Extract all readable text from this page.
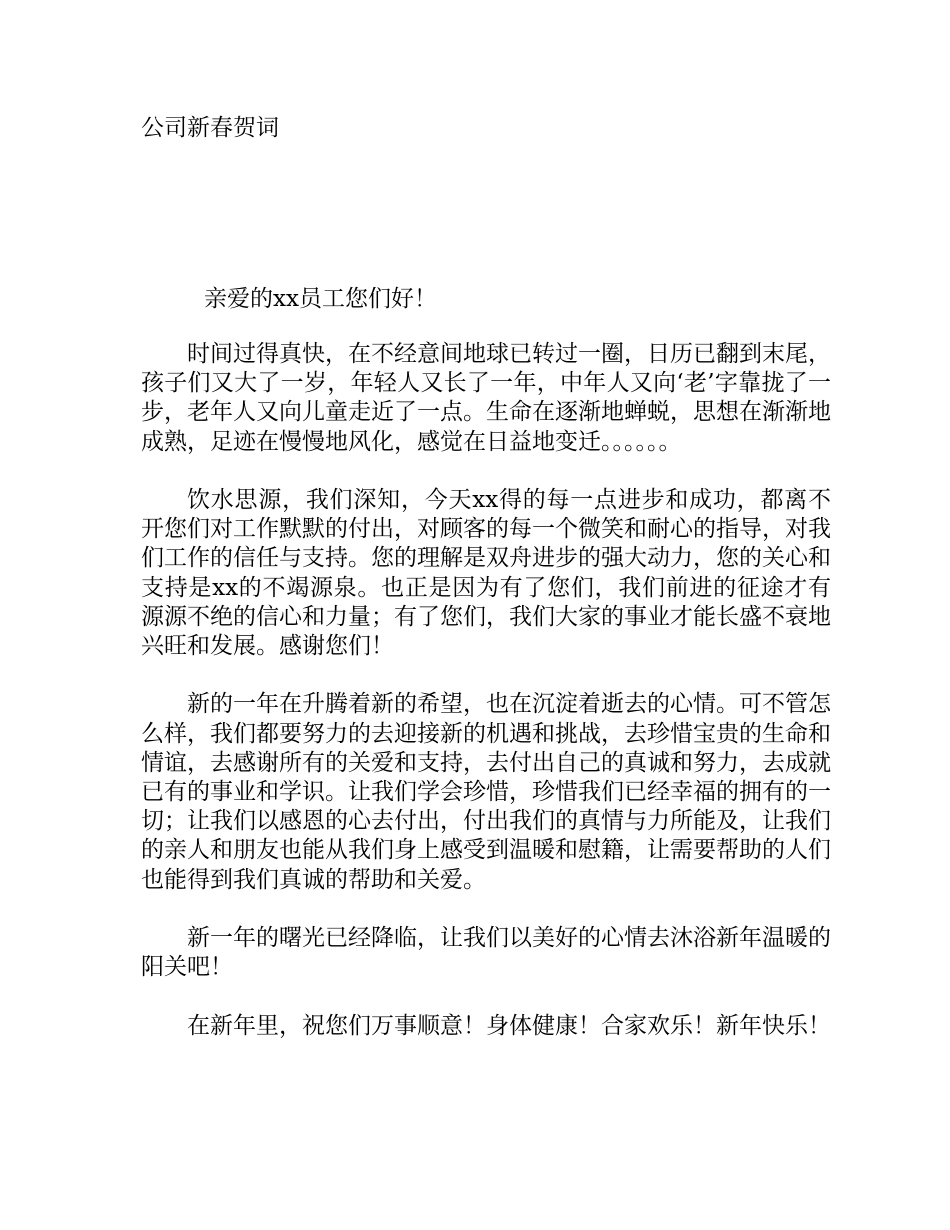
公司新春贺词

亲爱的xx员工您们好！

时间过得真快，在不经意间地球已转过一圈，日历已翻到末尾，孩子们又大了一岁，年轻人又长了一年，中年人又向‘老’字靠拢了一步，老年人又向儿童走近了一点。生命在逐渐地蝉蜕，思想在渐渐地成熟，足迹在慢慢地风化，感觉在日益地变迁。。。。。。

饮水思源，我们深知，今天xx得的每一点进步和成功，都离不开您们对工作默默的付出，对顾客的每一个微笑和耐心的指导，对我们工作的信任与支持。您的理解是双舟进步的强大动力，您的关心和支持是xx的不竭源泉。也正是因为有了您们，我们前进的征途才有源源不绝的信心和力量；有了您们，我们大家的事业才能长盛不衰地兴旺和发展。感谢您们！

新的一年在升腾着新的希望，也在沉淀着逝去的心情。可不管怎么样，我们都要努力的去迎接新的机遇和挑战，去珍惜宝贵的生命和情谊，去感谢所有的关爱和支持，去付出自己的真诚和努力，去成就已有的事业和学识。让我们学会珍惜，珍惜我们已经幸福的拥有的一切；让我们以感恩的心去付出，付出我们的真情与力所能及，让我们的亲人和朋友也能从我们身上感受到温暖和慰籍，让需要帮助的人们也能得到我们真诚的帮助和关爱。

新一年的曙光已经降临，让我们以美好的心情去沐浴新年温暖的阳关吧！

在新年里，祝您们万事顺意！身体健康！合家欢乐！新年快乐！
